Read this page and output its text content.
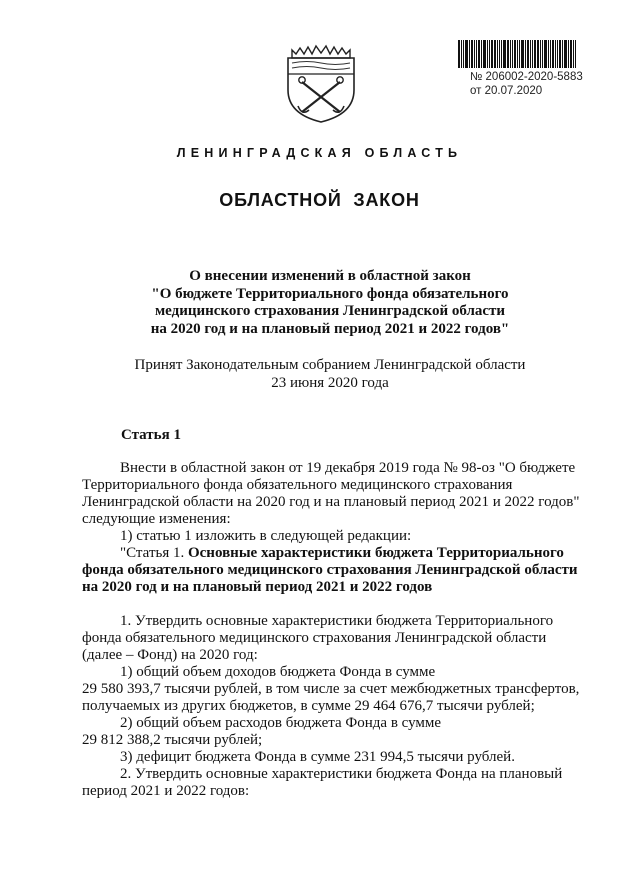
№ 206002-2020-5883
от 20.07.2020
ЛЕНИНГРАДСКАЯ ОБЛАСТЬ
ОБЛАСТНОЙ ЗАКОН
О внесении изменений в областной закон
"О бюджете Территориального фонда обязательного
медицинского страхования Ленинградской области
на 2020 год и на плановый период 2021 и 2022 годов"
Принят Законодательным собранием Ленинградской области
23 июня 2020 года
Статья 1

Внести в областной закон от 19 декабря 2019 года № 98-оз "О бюджете

Территориального фонда обязательного медицинского страхования

Ленинградской области на 2020 год и на плановый период 2021 и 2022 годов"

следующие изменения:

1) статью 1 изложить в следующей редакции:

"Статья 1. Основные характеристики бюджета Территориального

фонда обязательного медицинского страхования Ленинградской области

на 2020 год и на плановый период 2021 и 2022 годов

1. Утвердить основные характеристики бюджета Территориального

фонда обязательного медицинского страхования Ленинградской области

(далее – Фонд) на 2020 год:

1) общий объем доходов бюджета Фонда в сумме

29 580 393,7 тысячи рублей, в том числе за счет межбюджетных трансфертов,

получаемых из других бюджетов, в сумме 29 464 676,7 тысячи рублей;

2) общий объем расходов бюджета Фонда в сумме

29 812 388,2 тысячи рублей;

3) дефицит бюджета Фонда в сумме 231 994,5 тысячи рублей.

2. Утвердить основные характеристики бюджета Фонда на плановый

период 2021 и 2022 годов:
